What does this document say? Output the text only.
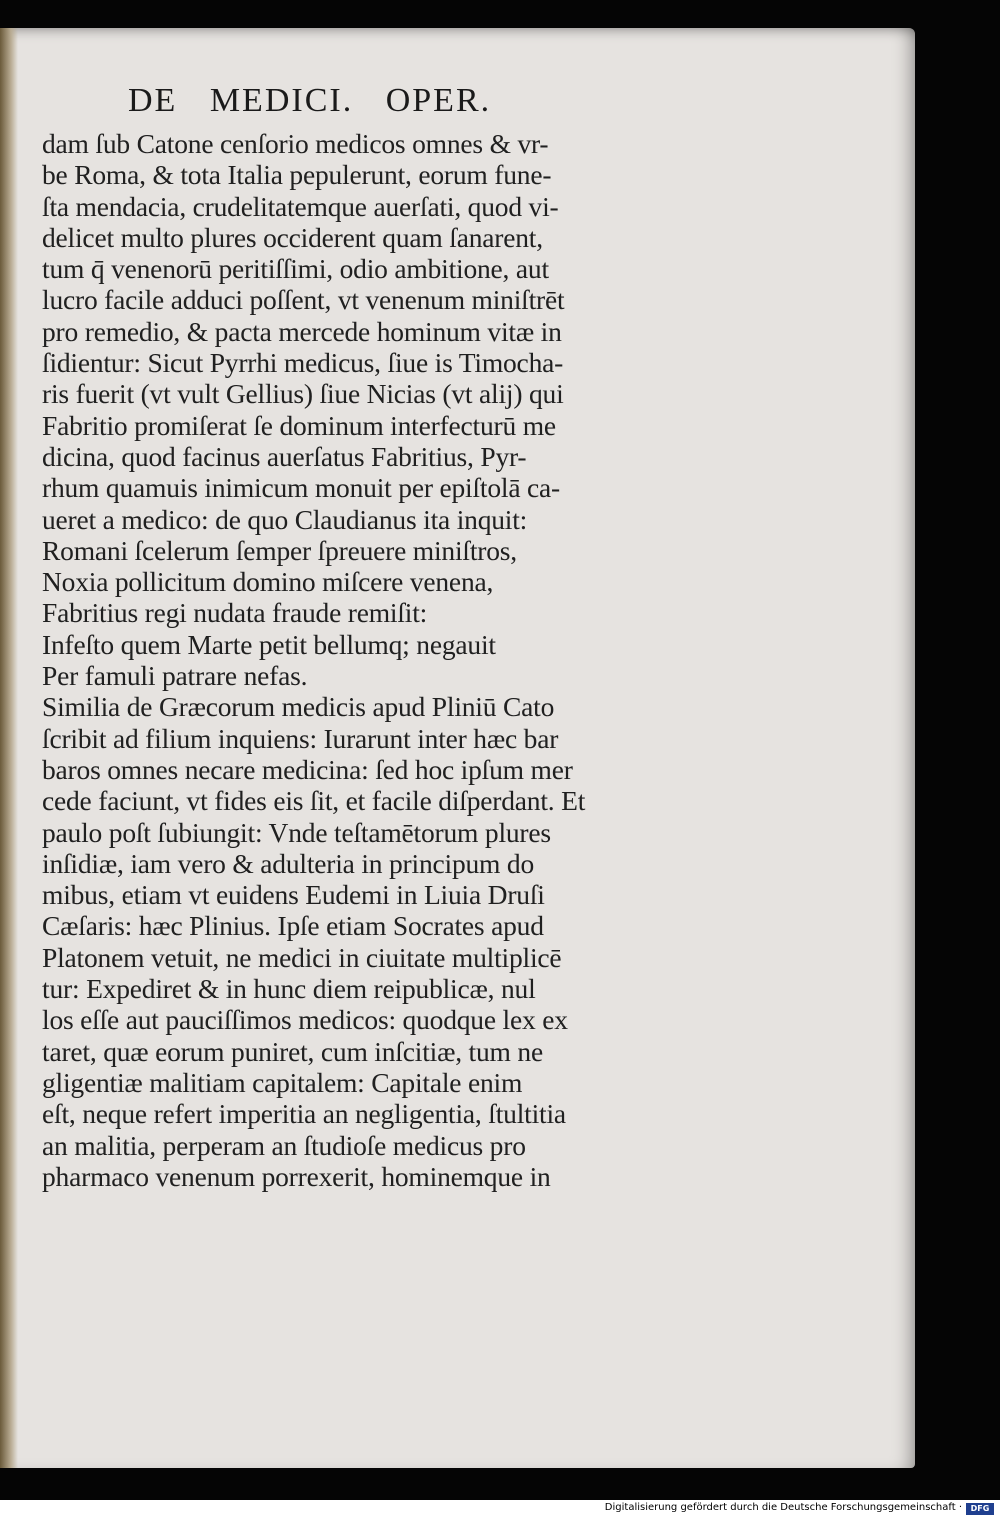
DE MEDICI. OPER.
dam ſub Catone cenſorio medicos omnes & vr-
be Roma, & tota Italia pepulerunt, eorum fune-
ſta mendacia, crudelitatemque auerſati, quod vi-
delicet multo plures occiderent quam ſanarent,
tum q̄ venenorū peritiſſimi, odio ambitione, aut
lucro facile adduci poſſent, vt venenum miniſtrēt
pro remedio, & pacta mercede hominum vitæ in
ſidientur: Sicut Pyrrhi medicus, ſiue is Timocha-
ris fuerit (vt vult Gellius) ſiue Nicias (vt alij) qui
Fabritio promiſerat ſe dominum interfecturū me
dicina, quod facinus auerſatus Fabritius, Pyr-
rhum quamuis inimicum monuit per epiſtolā ca-
ueret a medico: de quo Claudianus ita inquit:
Romani ſcelerum ſemper ſpreuere miniſtros,
Noxia pollicitum domino miſcere venena,
Fabritius regi nudata fraude remiſit:
Infeſto quem Marte petit bellumq; negauit
Per famuli patrare nefas.
Similia de Græcorum medicis apud Pliniū Cato
ſcribit ad filium inquiens: Iurarunt inter hæc bar
baros omnes necare medicina: ſed hoc ipſum mer
cede faciunt, vt fides eis ſit, et facile diſperdant. Et
paulo poſt ſubiungit: Vnde teſtamētorum plures
inſidiæ, iam vero & adulteria in principum do
mibus, etiam vt euidens Eudemi in Liuia Druſi
Cæſaris: hæc Plinius. Ipſe etiam Socrates apud
Platonem vetuit, ne medici in ciuitate multiplicē
tur: Expediret & in hunc diem reipublicæ, nul
los eſſe aut pauciſſimos medicos: quodque lex ex
taret, quæ eorum puniret, cum inſcitiæ, tum ne
gligentiæ malitiam capitalem: Capitale enim
eſt, neque refert imperitia an negligentia, ſtultitia
an malitia, perperam an ſtudioſe medicus pro
pharmaco venenum porrexerit, hominemque in
Digitalisierung gefördert durch die Deutsche Forschungsgemeinschaft ·	DFG
